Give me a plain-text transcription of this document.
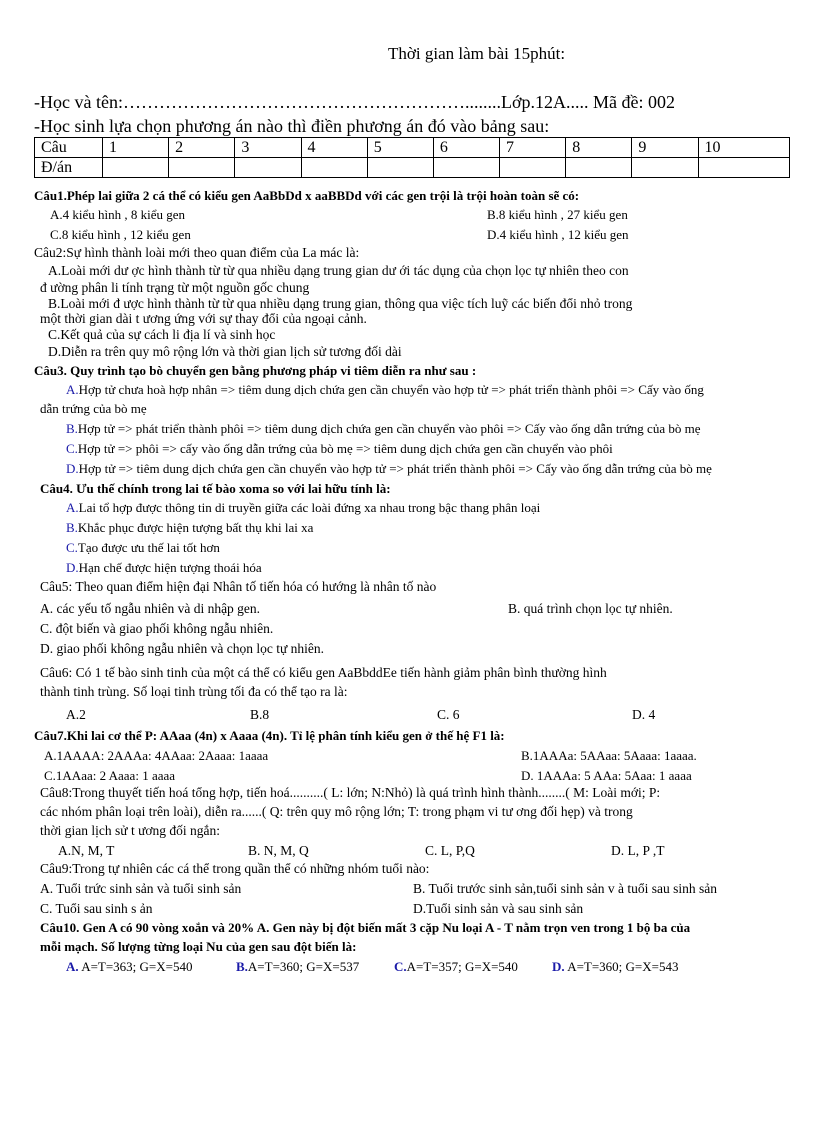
Thời gian làm bài 15phút:
-Học và tên:…………………………………………………........Lớp.12A..... Mã đề: 002
-Học sinh lựa chọn phương án nào thì điền phương án đó vào bảng sau:
Câu	1	2	3	4	5	6	7	8	9	10
Đ/án										
Câu1.Phép lai giữa 2 cá thể có kiểu gen AaBbDd x aaBBDd với các gen trội là trội hoàn toàn sẽ có:
A.4 kiểu hình , 8 kiểu gen	B.8 kiểu hình , 27 kiểu gen
C.8 kiểu hình , 12 kiểu gen	D.4 kiểu hình , 12 kiểu gen
Câu2:Sự hình thành loài mới theo quan điểm của La mác là:
A.Loài mới dư ợc hình thành từ từ qua nhiều dạng trung gian dư ới tác dụng của chọn lọc tự nhiên theo con
đ ường phân li tính trạng từ một nguồn gốc chung
B.Loài mới đ ược hình thành từ từ qua nhiều dạng trung gian, thông qua việc tích luỹ các biến đổi nhỏ trong
một thời gian dài t ương ứng với sự thay đổi của ngoại cảnh.
C.Kết quả của sự cách li địa lí và sinh học
D.Diễn ra trên quy mô rộng lớn và thời gian lịch sử tương đối dài
Câu3. Quy trình tạo bò chuyển gen bằng phương pháp vi tiêm diễn ra như sau :
A.Hợp tử chưa hoà hợp nhân => tiêm dung dịch chứa gen cần chuyển vào hợp tử => phát triển thành phôi => Cấy vào ống
dẫn trứng của bò mẹ
B.Hợp tử => phát triển thành phôi => tiêm dung dịch chứa gen cần chuyển vào phôi => Cấy vào ống dẫn trứng của bò mẹ
C.Hợp tử => phôi => cấy vào ống dẫn trứng của bò mẹ => tiêm dung dịch chứa gen cần chuyển vào phôi
D.Hợp tử => tiêm dung dịch chứa gen cần chuyển vào hợp tử => phát triển thành phôi => Cấy vào ống dẫn trứng của bò mẹ
Câu4. Ưu thế chính trong lai tế bào xoma so với lai hữu tính là:
A.Lai tổ hợp được thông tin di truyền giữa các loài đứng xa nhau trong bậc thang phân loại
B.Khắc phục được hiện tượng bất thụ khi lai xa
C.Tạo được ưu thế lai tốt hơn
D.Hạn chế được hiện tượng thoái hóa
Câu5: Theo quan điểm hiện đại Nhân tố tiến hóa có hướng là nhân tố nào
A. các yếu tố ngẫu nhiên và di nhập gen.	B. quá trình chọn lọc tự nhiên.
C. đột biến và giao phối không ngẫu nhiên.
D. giao phối không ngẫu nhiên và chọn lọc tự nhiên.
Câu6: Có 1 tế bào sinh tinh của một cá thể có kiểu gen AaBbddEe tiến hành giảm phân bình thường hình
thành tinh trùng. Số loại tinh trùng tối đa có thể tạo ra là:
A.2	B.8	C. 6	D. 4
Câu7.Khi lai cơ thể P: AAaa (4n) x Aaaa (4n). Tỉ lệ phân tính kiểu gen ở thế hệ F1 là:
A.1AAAA: 2AAAa: 4AAaa: 2Aaaa: 1aaaa	B.1AAAa: 5AAaa: 5Aaaa: 1aaaa.
C.1AAaa: 2 Aaaa: 1 aaaa	D. 1AAAa: 5 AAa: 5Aaa: 1 aaaa
Câu8:Trong thuyết tiến hoá tổng hợp, tiến hoá..........( L: lớn; N:Nhỏ) là quá trình hình thành........( M: Loài mới; P:
các nhóm phân loại trên loài), diễn ra......( Q: trên quy mô rộng lớn; T: trong phạm vi tư ơng đối hẹp) và trong
thời gian lịch sử t ương đối ngắn:
A.N, M, T	B. N, M, Q	C. L, P,Q	D. L, P ,T
Câu9:Trong tự nhiên các cá thể trong quần thể có những nhóm tuổi nào:
A. Tuổi trức sinh sản và tuổi sinh sản	B. Tuổi trước sinh sản,tuổi sinh sản v à tuổi sau sinh sản
C. Tuổi sau sinh s ản	D.Tuổi sinh sản và sau sinh sản
Câu10. Gen A có 90 vòng xoắn và 20% A. Gen này bị đột biến mất 3 cặp Nu loại A - T nằm trọn ven trong 1 bộ ba của
mỗi mạch. Số lượng từng loại Nu của gen sau đột biến là:
A. A=T=363; G=X=540	B.A=T=360; G=X=537	C.A=T=357; G=X=540	D. A=T=360; G=X=543
